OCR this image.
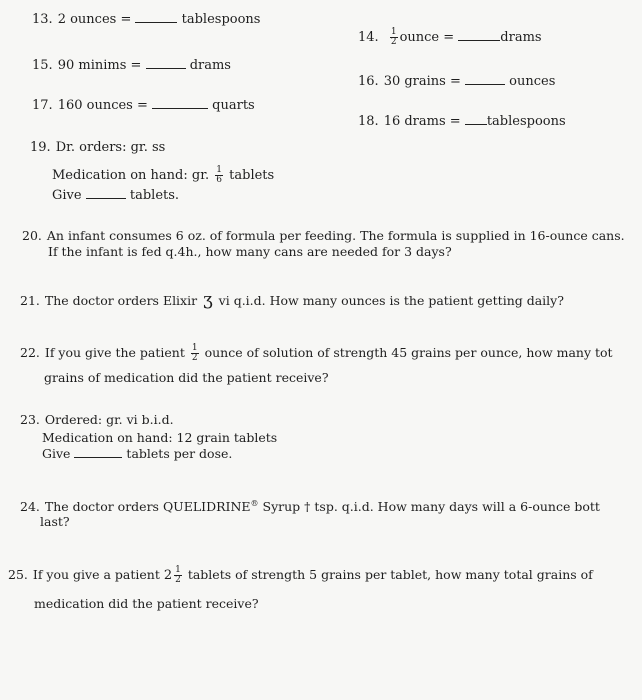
13. 2 ounces =	tablespoons
14. $\frac{1}{2}$ ounce =	drams
15. 90 minims =	drams
16. 30 grains =	ounces
17. 160 ounces =	quarts
18. 16 drams = tablespoons
19. Dr. orders: gr. ss
Medication on hand: gr. $\frac{1}{6}$ tablets
Give	tablets.
20. An infant consumes 6 oz. of formula per feeding. The formula is supplied in 16-ounce cans.
If the infant is fed q.4h., how many cans are needed for 3 days?
21. The doctor orders Elixir ʒ vi q.i.d. How many ounces is the patient getting daily?
22. If you give the patient $\frac{1}{2}$ ounce of solution of strength 45 grains per ounce, how many tot
grains of medication did the patient receive?
23. Ordered: gr. vi b.i.d.
Medication on hand: 12 grain tablets
Give	tablets per dose.
24. The doctor orders QUELIDRINE® Syrup † tsp. q.i.d. How many days will a 6-ounce bott
last?
25. If you give a patient $2 \frac{1}{2}$ tablets of strength 5 grains per tablet, how many total grains of
medication did the patient receive?
